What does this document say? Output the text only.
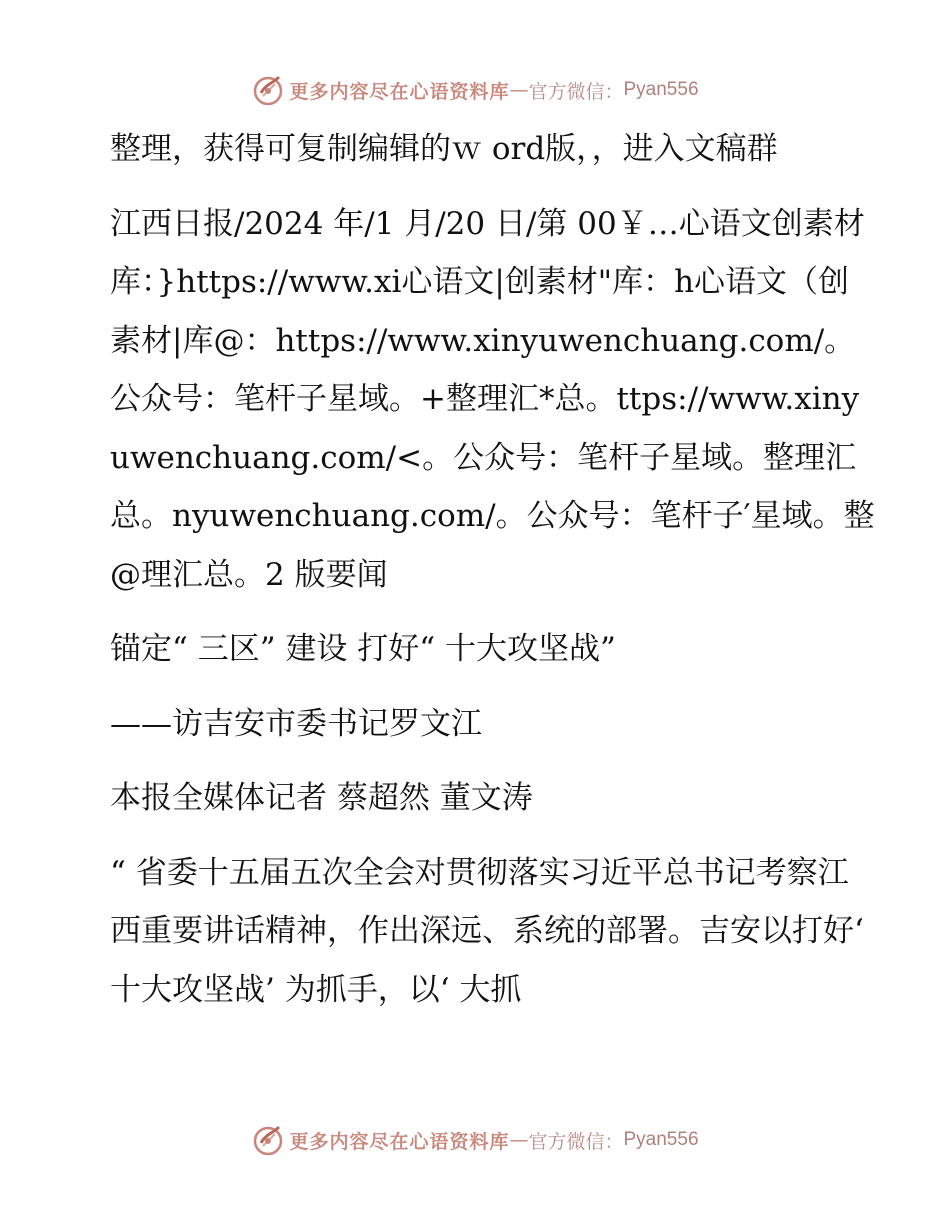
更多内容尽在心语资料库 — 官方微信： Pyan556

整理，获得可复制编辑的ｗ ord版，，进入文稿群

江西日报/2024 年/1 月/20 日/第 00￥…心语文创素材库：}https://www.xi心语文|创素材"库：h心语文（创素材|库@：https://www.xinyuwenchuang.com/。公众号：笔杆子星域。+整理汇*总。ttps://www.xinyuwenchuang.com/<。公众号：笔杆子星域。整理汇总。nyuwenchuang.com/。公众号：笔杆子′星域。整@理汇总。2 版要闻

锚定“ 三区” 建设 打好“ 十大攻坚战”

——访吉安市委书记罗文江

本报全媒体记者 蔡超然 董文涛

“ 省委十五届五次全会对贯彻落实习近平总书记考察江西重要讲话精神，作出深远、系统的部署。吉安以打好‘ 十大攻坚战’ 为抓手，以‘ 大抓

更多内容尽在心语资料库 — 官方微信： Pyan556
